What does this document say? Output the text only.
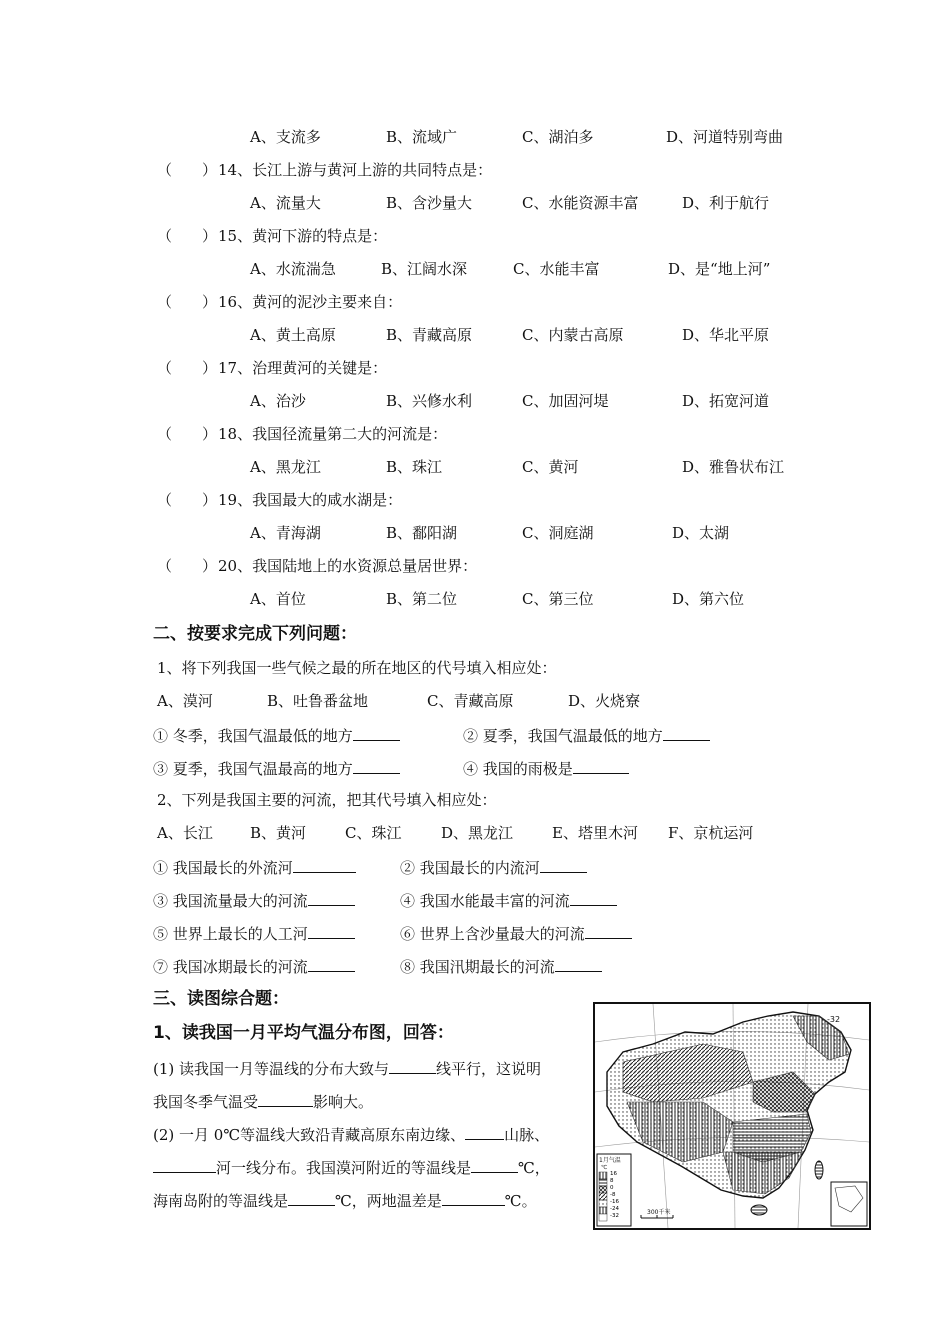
A、支流多	B、流域广	C、湖泊多	D、河道特别弯曲
（　　） 14、长江上游与黄河上游的共同特点是：
A、流量大	B、含沙量大	C、水能资源丰富	D、利于航行
（　　） 15、黄河下游的特点是：
A、水流湍急	B、江阔水深	C、水能丰富	D、是“地上河”
（　　） 16、黄河的泥沙主要来自：
A、黄土高原	B、青藏高原	C、内蒙古高原	D、华北平原
（　　） 17、治理黄河的关键是：
A、治沙	B、兴修水利	C、加固河堤	D、拓宽河道
（　　） 18、我国径流量第二大的河流是：
A、黑龙江	B、珠江	C、黄河	D、雅鲁状布江
（　　） 19、我国最大的咸水湖是：
A、青海湖	B、鄱阳湖	C、洞庭湖	D、太湖
（　　） 20、我国陆地上的水资源总量居世界：
A、首位	B、第二位	C、第三位	D、第六位
二、按要求完成下列问题：
1、将下列我国一些气候之最的所在地区的代号填入相应处：
A、漠河	B、吐鲁番盆地	C、青藏高原	D、火烧寮
① 冬季，我国气温最低的地方	② 夏季，我国气温最低的地方
③ 夏季，我国气温最高的地方	④ 我国的雨极是
2、下列是我国主要的河流，把其代号填入相应处：
A、长江 B、黄河	C、珠江	D、黑龙江	E、塔里木河 F、京杭运河
① 我国最长的外流河	② 我国最长的内流河
③ 我国流量最大的河流	④ 我国水能最丰富的河流
⑤ 世界上最长的人工河	⑥ 世界上含沙量最大的河流
⑦ 我国冰期最长的河流	⑧ 我国汛期最长的河流
三、读图综合题：
1、读我国一月平均气温分布图，回答：
(1) 读我国一月等温线的分布大致与	线平行，这说明
我国冬季气温受	影响大。
(2) 一月 0℃等温线大致沿青藏高原东南边缘、	山脉、
河一线分布。我国漠河附近的等温线是	℃，
海南岛附的等温线是	℃，两地温差是	℃。
-32
1月气温
℃
16
8
0
-8
-16
-24
-32	300千米
